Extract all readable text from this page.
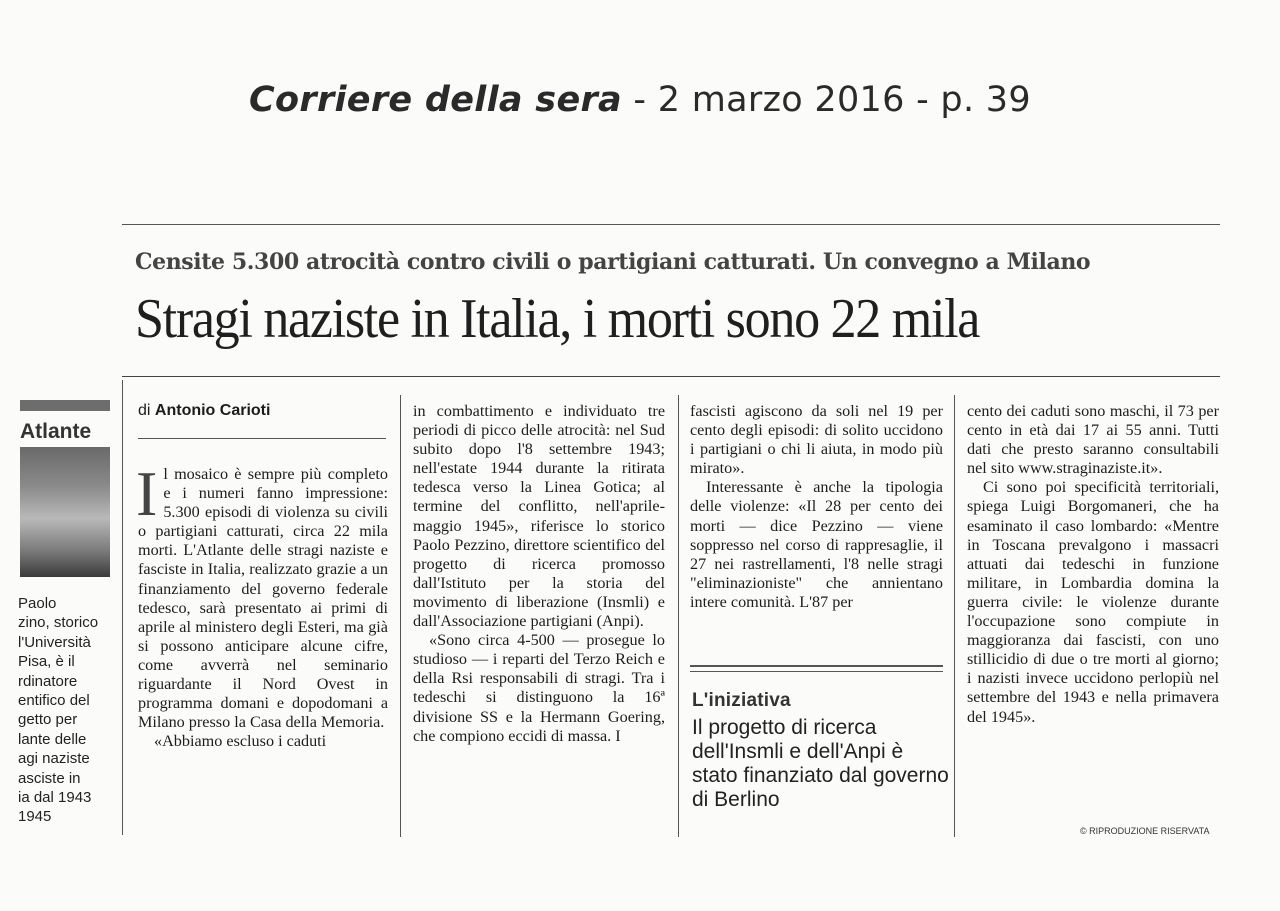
Corriere della sera - 2 marzo 2016 - p. 39
Censite 5.300 atrocità contro civili o partigiani catturati. Un convegno a Milano
Stragi naziste in Italia, i morti sono 22 mila
Atlante
Paolo
zino, storico
l'Università
Pisa, è il
rdinatore
entifico del
getto per
lante delle
agi naziste
asciste in
ia dal 1943
1945
di Antonio Carioti

Il mosaico è sempre più completo e i numeri fanno impressione: 5.300 episodi di violenza su civili o partigiani catturati, circa 22 mila morti. L'Atlante delle stragi naziste e fasciste in Italia, realizzato grazie a un finanziamento del governo federale tedesco, sarà presentato ai primi di aprile al ministero degli Esteri, ma già si possono anticipare alcune cifre, come avverrà nel seminario riguardante il Nord Ovest in programma domani e dopodomani a Milano presso la Casa della Memoria.

«Abbiamo escluso i caduti

in combattimento e individuato tre periodi di picco delle atrocità: nel Sud subito dopo l'8 settembre 1943; nell'estate 1944 durante la ritirata tedesca verso la Linea Gotica; al termine del conflitto, nell'aprile-maggio 1945», riferisce lo storico Paolo Pezzino, direttore scientifico del progetto di ricerca promosso dall'Istituto per la storia del movimento di liberazione (Insmli) e dall'Associazione partigiani (Anpi).

«Sono circa 4-500 — prosegue lo studioso — i reparti del Terzo Reich e della Rsi responsabili di stragi. Tra i tedeschi si distinguono la 16ª divisione SS e la Hermann Goering, che compiono eccidi di massa. I

fascisti agiscono da soli nel 19 per cento degli episodi: di solito uccidono i partigiani o chi li aiuta, in modo più mirato».

Interessante è anche la tipologia delle violenze: «Il 28 per cento dei morti — dice Pezzino — viene soppresso nel corso di rappresaglie, il 27 nei rastrellamenti, l'8 nelle stragi "eliminazioniste" che annientano intere comunità. L'87 per

L'iniziativa
Il progetto di ricerca dell'Insmli e dell'Anpi è stato finanziato dal governo di Berlino

cento dei caduti sono maschi, il 73 per cento in età dai 17 ai 55 anni. Tutti dati che presto saranno consultabili nel sito www.straginaziste.it».

Ci sono poi specificità territoriali, spiega Luigi Borgomaneri, che ha esaminato il caso lombardo: «Mentre in Toscana prevalgono i massacri attuati dai tedeschi in funzione militare, in Lombardia domina la guerra civile: le violenze durante l'occupazione sono compiute in maggioranza dai fascisti, con uno stillicidio di due o tre morti al giorno; i nazisti invece uccidono perlopiù nel settembre del 1943 e nella primavera del 1945».

© RIPRODUZIONE RISERVATA
